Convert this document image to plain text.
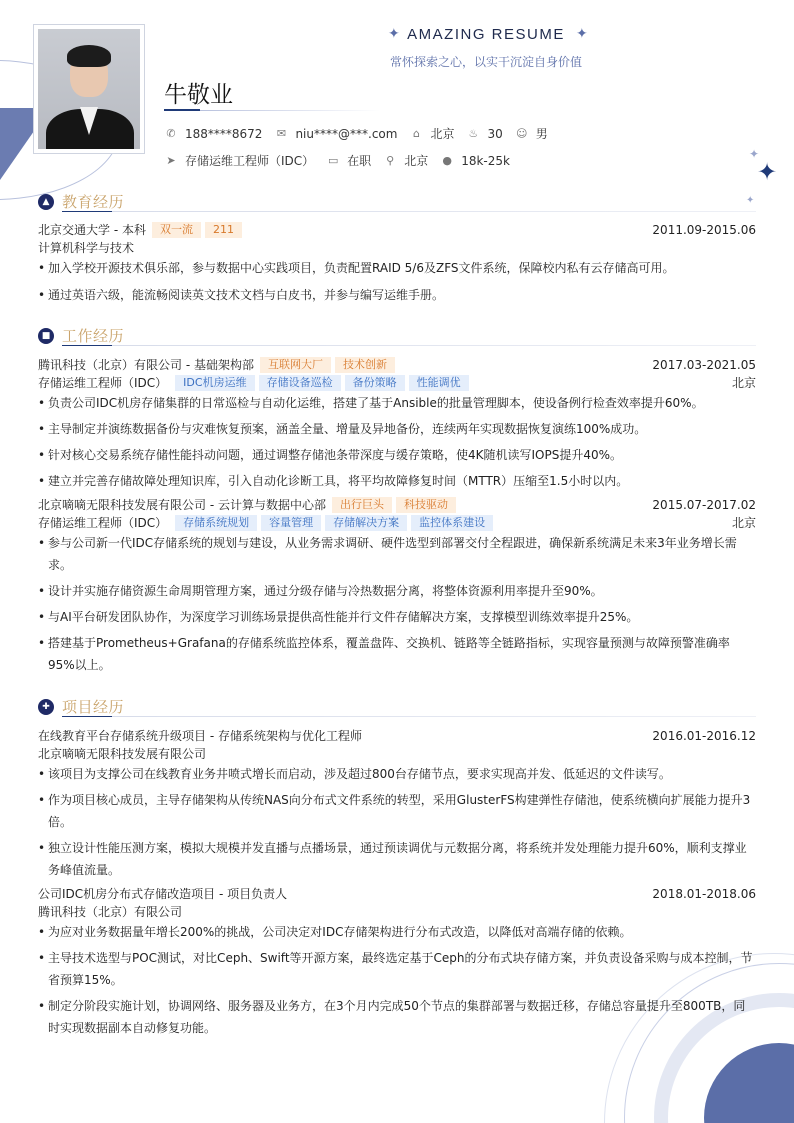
✦
✦
✦
✦ AMAZING RESUME ✦
常怀探索之心，以实干沉淀自身价值
牛敬业
✆ 188****8672 ✉ niu****@***.com ⌂ 北京 ♨ 30 ☺ 男
➤ 存储运维工程师（IDC） ▭ 在职 ⚲ 北京 ● 18k-25k
▲ 教育经历
北京交通大学 - 本科	双一流	211	2011.09-2015.06
计算机科学与技术
• 加入学校开源技术俱乐部，参与数据中心实践项目，负责配置RAID 5/6及ZFS文件系统，保障校内私有云存储高可用。
• 通过英语六级，能流畅阅读英文技术文档与白皮书，并参与编写运维手册。
■ 工作经历
腾讯科技（北京）有限公司 - 基础架构部	互联网大厂	技术创新	2017.03-2021.05
存储运维工程师（IDC）	IDC机房运维	存储设备巡检	备份策略	性能调优	北京
• 负责公司IDC机房存储集群的日常巡检与自动化运维，搭建了基于Ansible的批量管理脚本，使设备例行检查效率提升60%。
• 主导制定并演练数据备份与灾难恢复预案，涵盖全量、增量及异地备份，连续两年实现数据恢复演练100%成功。
• 针对核心交易系统存储性能抖动问题，通过调整存储池条带深度与缓存策略，使4K随机读写IOPS提升40%。
• 建立并完善存储故障处理知识库，引入自动化诊断工具，将平均故障修复时间（MTTR）压缩至1.5小时以内。
北京嘀嘀无限科技发展有限公司 - 云计算与数据中心部	出行巨头	科技驱动	2015.07-2017.02
存储运维工程师（IDC）	存储系统规划	容量管理	存储解决方案	监控体系建设	北京
• 参与公司新一代IDC存储系统的规划与建设，从业务需求调研、硬件选型到部署交付全程跟进，确保新系统满足未来3年业务增长需求。
• 设计并实施存储资源生命周期管理方案，通过分级存储与冷热数据分离，将整体资源利用率提升至90%。
• 与AI平台研发团队协作，为深度学习训练场景提供高性能并行文件存储解决方案，支撑模型训练效率提升25%。
• 搭建基于Prometheus+Grafana的存储系统监控体系，覆盖盘阵、交换机、链路等全链路指标，实现容量预测与故障预警准确率95%以上。
✚ 项目经历
在线教育平台存储系统升级项目 - 存储系统架构与优化工程师	2016.01-2016.12
北京嘀嘀无限科技发展有限公司
• 该项目为支撑公司在线教育业务井喷式增长而启动，涉及超过800台存储节点，要求实现高并发、低延迟的文件读写。
• 作为项目核心成员，主导存储架构从传统NAS向分布式文件系统的转型，采用GlusterFS构建弹性存储池，使系统横向扩展能力提升3倍。
• 独立设计性能压测方案，模拟大规模并发直播与点播场景，通过预读调优与元数据分离，将系统并发处理能力提升60%，顺利支撑业务峰值流量。
公司IDC机房分布式存储改造项目 - 项目负责人	2018.01-2018.06
腾讯科技（北京）有限公司
• 为应对业务数据量年增长200%的挑战，公司决定对IDC存储架构进行分布式改造，以降低对高端存储的依赖。
• 主导技术选型与POC测试，对比Ceph、Swift等开源方案，最终选定基于Ceph的分布式块存储方案，并负责设备采购与成本控制，节省预算15%。
• 制定分阶段实施计划，协调网络、服务器及业务方，在3个月内完成50个节点的集群部署与数据迁移，存储总容量提升至800TB，同时实现数据副本自动修复功能。
